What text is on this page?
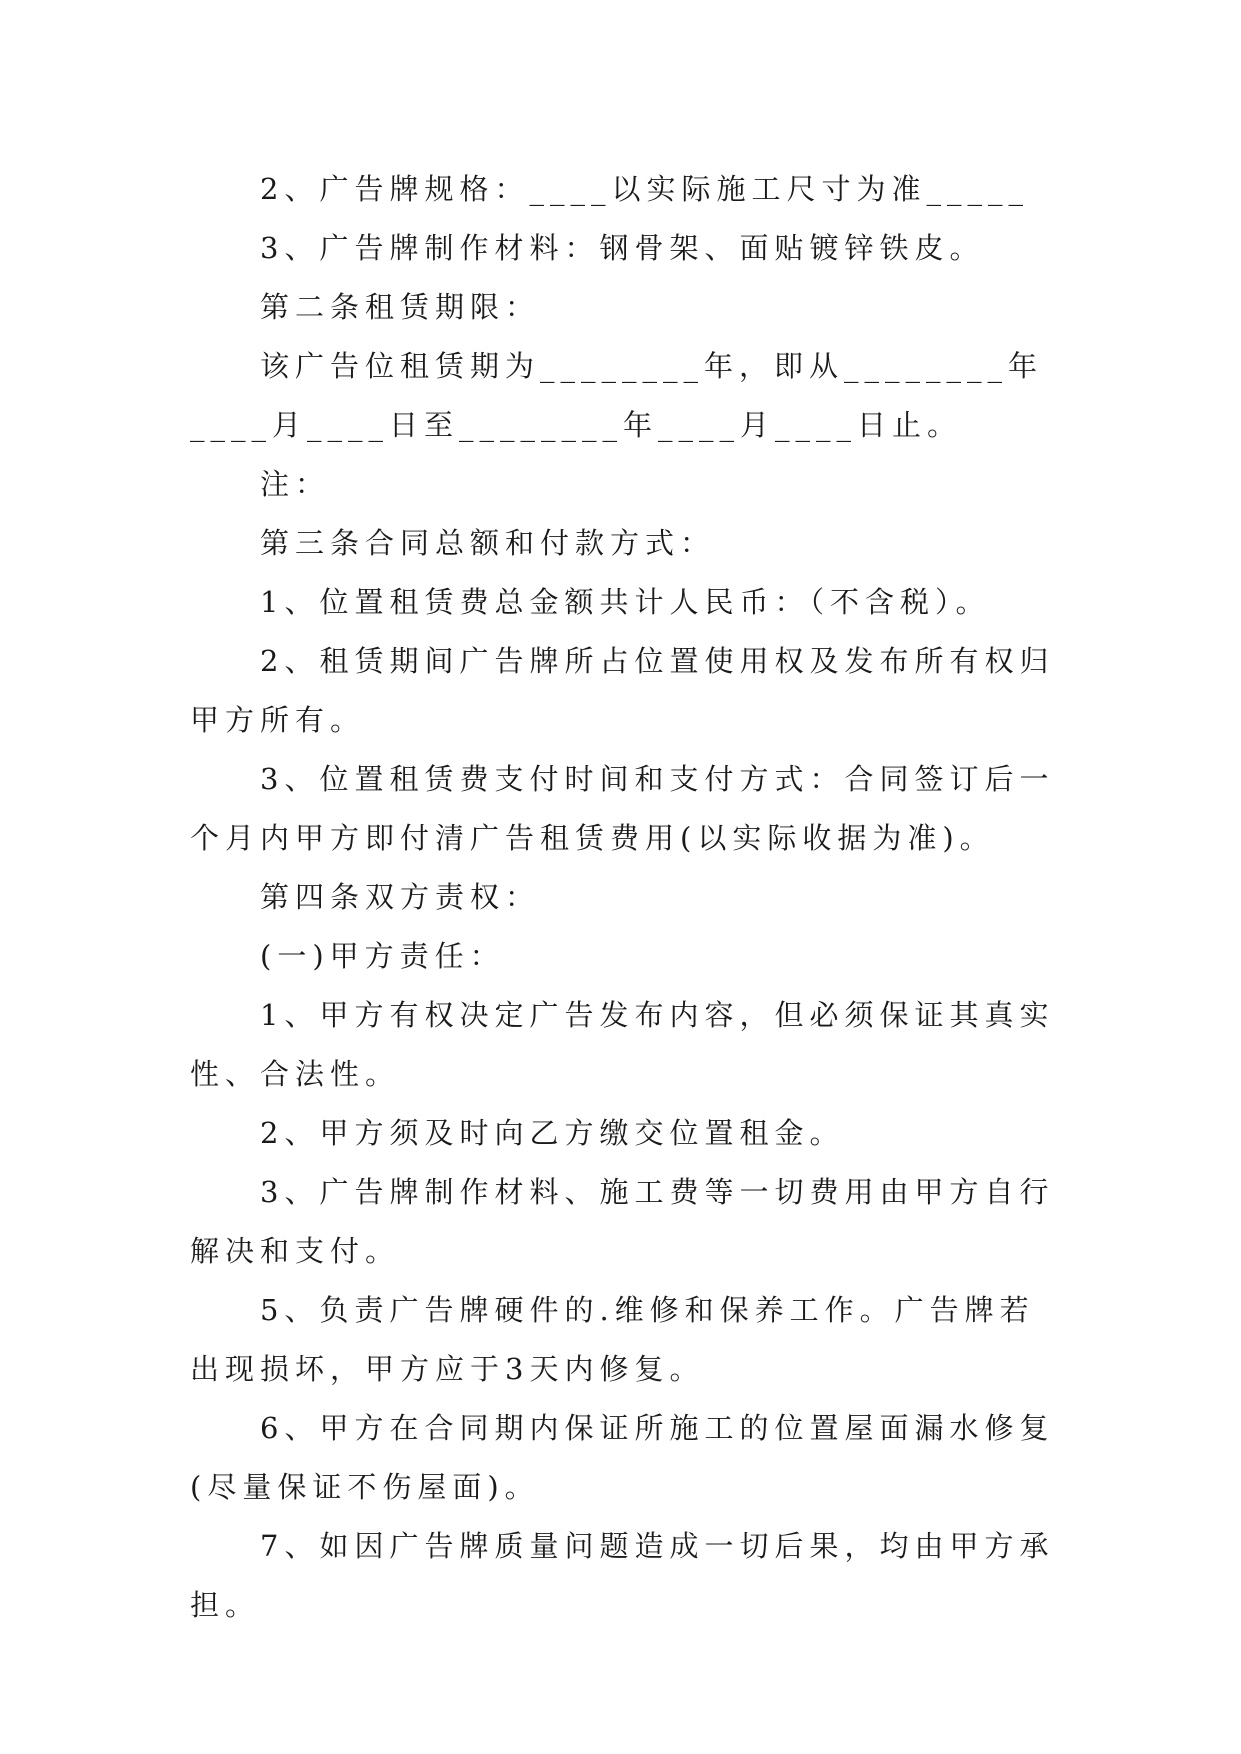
2、广告牌规格：____以实际施工尺寸为准_____

3、广告牌制作材料：钢骨架、面贴镀锌铁皮。

第二条租赁期限：

该广告位租赁期为________年，即从________年____月____日至________年____月____日止。

注：

第三条合同总额和付款方式：

1、位置租赁费总金额共计人民币：（不含税）。

2、租赁期间广告牌所占位置使用权及发布所有权归甲方所有。

3、位置租赁费支付时间和支付方式：合同签订后一个月内甲方即付清广告租赁费用(以实际收据为准)。

第四条双方责权：

(一)甲方责任：

1、甲方有权决定广告发布内容，但必须保证其真实性、合法性。

2、甲方须及时向乙方缴交位置租金。

3、广告牌制作材料、施工费等一切费用由甲方自行解决和支付。

5、负责广告牌硬件的.维修和保养工作。广告牌若出现损坏，甲方应于3天内修复。

6、甲方在合同期内保证所施工的位置屋面漏水修复(尽量保证不伤屋面)。

7、如因广告牌质量问题造成一切后果，均由甲方承担。
